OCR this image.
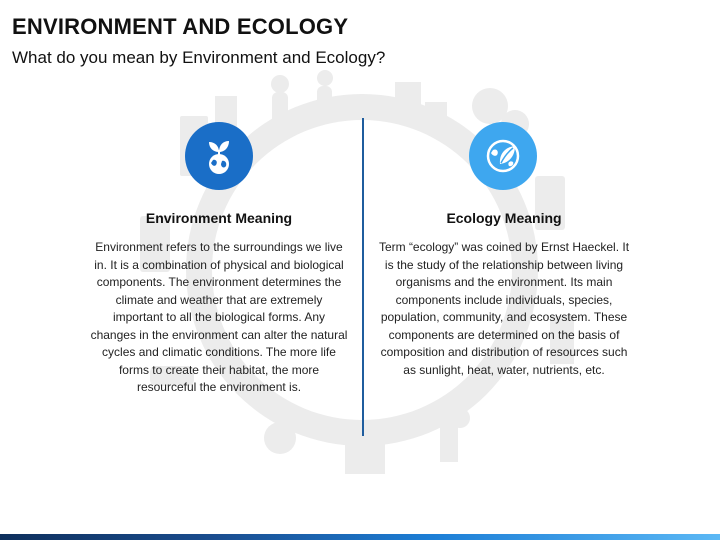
ENVIRONMENT AND ECOLOGY
What do you mean by Environment and Ecology?
Environment Meaning
Environment refers to the surroundings we live in. It is a combination of physical and biological components. The environment determines the climate and weather that are extremely important to all the biological forms. Any changes in the environment can alter the natural cycles and climatic conditions. The more life forms to create their habitat, the more resourceful the environment is.
Ecology Meaning
Term “ecology” was coined by Ernst Haeckel. It is the study of the relationship between living organisms and the environment. Its main components include individuals, species, population, community, and ecosystem. These components are determined on the basis of composition and distribution of resources such as sunlight, heat, water, nutrients, etc.
